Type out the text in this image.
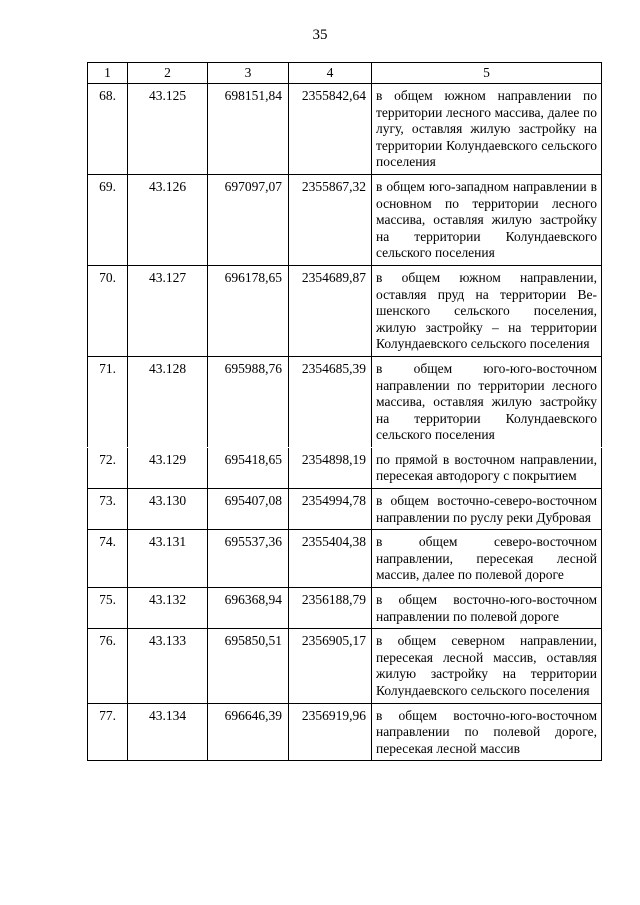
35
1	2	3	4	5
68.	43.125	698151,84	2355842,64	в общем южном направлении по территории лесного массива, далее по лугу, оставляя жилую застройку на территории Колундаевского сельского поселения
69.	43.126	697097,07	2355867,32	в общем юго-западном направлении в основном по территории лесного массива, оставляя жилую застройку на территории Колундаевского сельского поселения
70.	43.127	696178,65	2354689,87	в общем южном направлении, оставляя пруд на территории Вешенского сельского поселения, жилую застройку – на территории Колундаевского сельского поселения
71.	43.128	695988,76	2354685,39	в общем юго-юго-восточном направлении по территории лесного массива, оставляя жилую застройку на территории Колундаевского сельского поселения
72.	43.129	695418,65	2354898,19	по прямой в восточном направлении, пересекая автодорогу с покрытием
73.	43.130	695407,08	2354994,78	в общем восточно-северо-восточном направлении по руслу реки Дубровая
74.	43.131	695537,36	2355404,38	в общем северо-восточном направлении, пересекая лесной массив, далее по полевой дороге
75.	43.132	696368,94	2356188,79	в общем восточно-юго-восточном направлении по полевой дороге
76.	43.133	695850,51	2356905,17	в общем северном направлении, пересекая лесной массив, оставляя жилую застройку на территории Колундаевского сельского поселения
77.	43.134	696646,39	2356919,96	в общем восточно-юго-восточном направлении по полевой дороге, пересекая лесной массив
